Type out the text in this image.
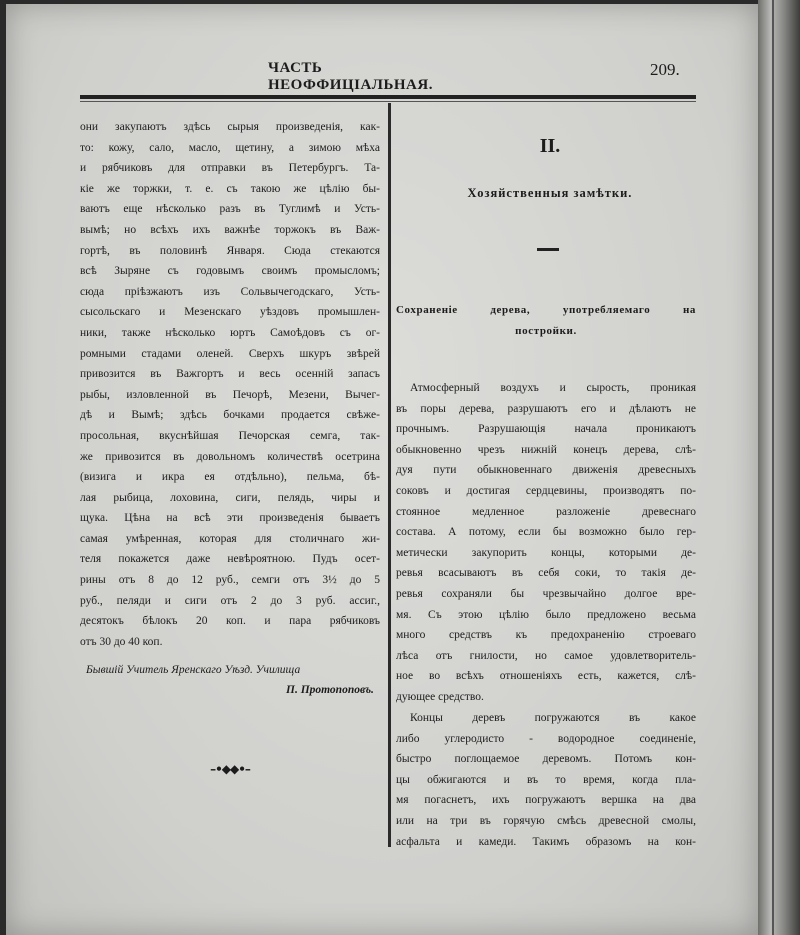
ЧАСТЬ НЕОФФИЦIАЛЬНАЯ.
209.
они закупаютъ здѣсь сырыя произведенiя, как-
то: кожу, сало, масло, щетину, а зимою мѣха
и рябчиковъ для отправки въ Петербургъ. Та-
кiе же торжки, т. е. съ такою же цѣлiю бы-
ваютъ еще нѣсколько разъ въ Туглимѣ и Усть-
вымѣ; но всѣхъ ихъ важнѣе торжокъ въ Важ-
гортѣ, въ половинѣ Января. Сюда стекаются
всѣ Зыряне съ годовымъ своимъ промысломъ;
сюда прiѣзжаютъ изъ Сольвычегодскаго, Усть-
сысольскаго и Мезенскаго уѣздовъ промышлен-
ники, также нѣсколько юртъ Самоѣдовъ съ ог-
ромными стадами оленей. Сверхъ шкуръ звѣрей
привозится въ Важгортъ и весь осеннiй запасъ
рыбы, изловленной въ Печорѣ, Мезени, Вычег-
дѣ и Вымѣ; здѣсь бочками продается свѣже-
просольная, вкуснѣйшая Печорская семга, так-
же привозится въ довольномъ количествѣ осетрина
(визига и икра ея отдѣльно), пельма, бѣ-
лая рыбица, лоховина, сиги, пелядь, чиры и
щука. Цѣна на всѣ эти произведенiя бываетъ
самая умѣренная, которая для столичнаго жи-
теля покажется даже невѣроятною. Пудъ осет-
рины отъ 8 до 12 руб., семги отъ 3½ до 5
руб., пеляди и сиги отъ 2 до 3 руб. ассиг.,
десятокъ бѣлокъ 20 коп. и пара рябчиковъ
отъ 30 до 40 коп.
Бывшiй Учитель Яренскаго Уѣзд. Училища
П. Протопоповъ.
–•◆◆•–
II.
Хозяйственныя замѣтки.
Сохраненiе дерева, употребляемаго на
постройки.
Атмосферный воздухъ и сырость, проникая
въ поры дерева, разрушаютъ его и дѣлаютъ не
прочнымъ. Разрушающiя начала проникаютъ
обыкновенно чрезъ нижнiй конецъ дерева, слѣ-
дуя пути обыкновеннаго движенiя древесныхъ
соковъ и достигая сердцевины, производятъ по-
стоянное медленное разложенiе древеснаго
состава. А потому, если бы возможно было гер-
метически закупорить концы, которыми де-
ревья всасываютъ въ себя соки, то такiя де-
ревья сохраняли бы чрезвычайно долгое вре-
мя. Съ этою цѣлiю было предложено весьма
много средствъ къ предохраненiю строеваго
лѣса отъ гнилости, но самое удовлетворитель-
ное во всѣхъ отношенiяхъ есть, кажется, слѣ-
дующее средство.
Концы деревъ погружаются въ какое
либо углеродисто - водородное соединенiе,
быстро поглощаемое деревомъ. Потомъ кон-
цы обжигаются и въ то время, когда пла-
мя погаснетъ, ихъ погружаютъ вершка на два
или на три въ горячую смѣсь древесной смолы,
асфальта и камеди. Такимъ образомъ на кон-
